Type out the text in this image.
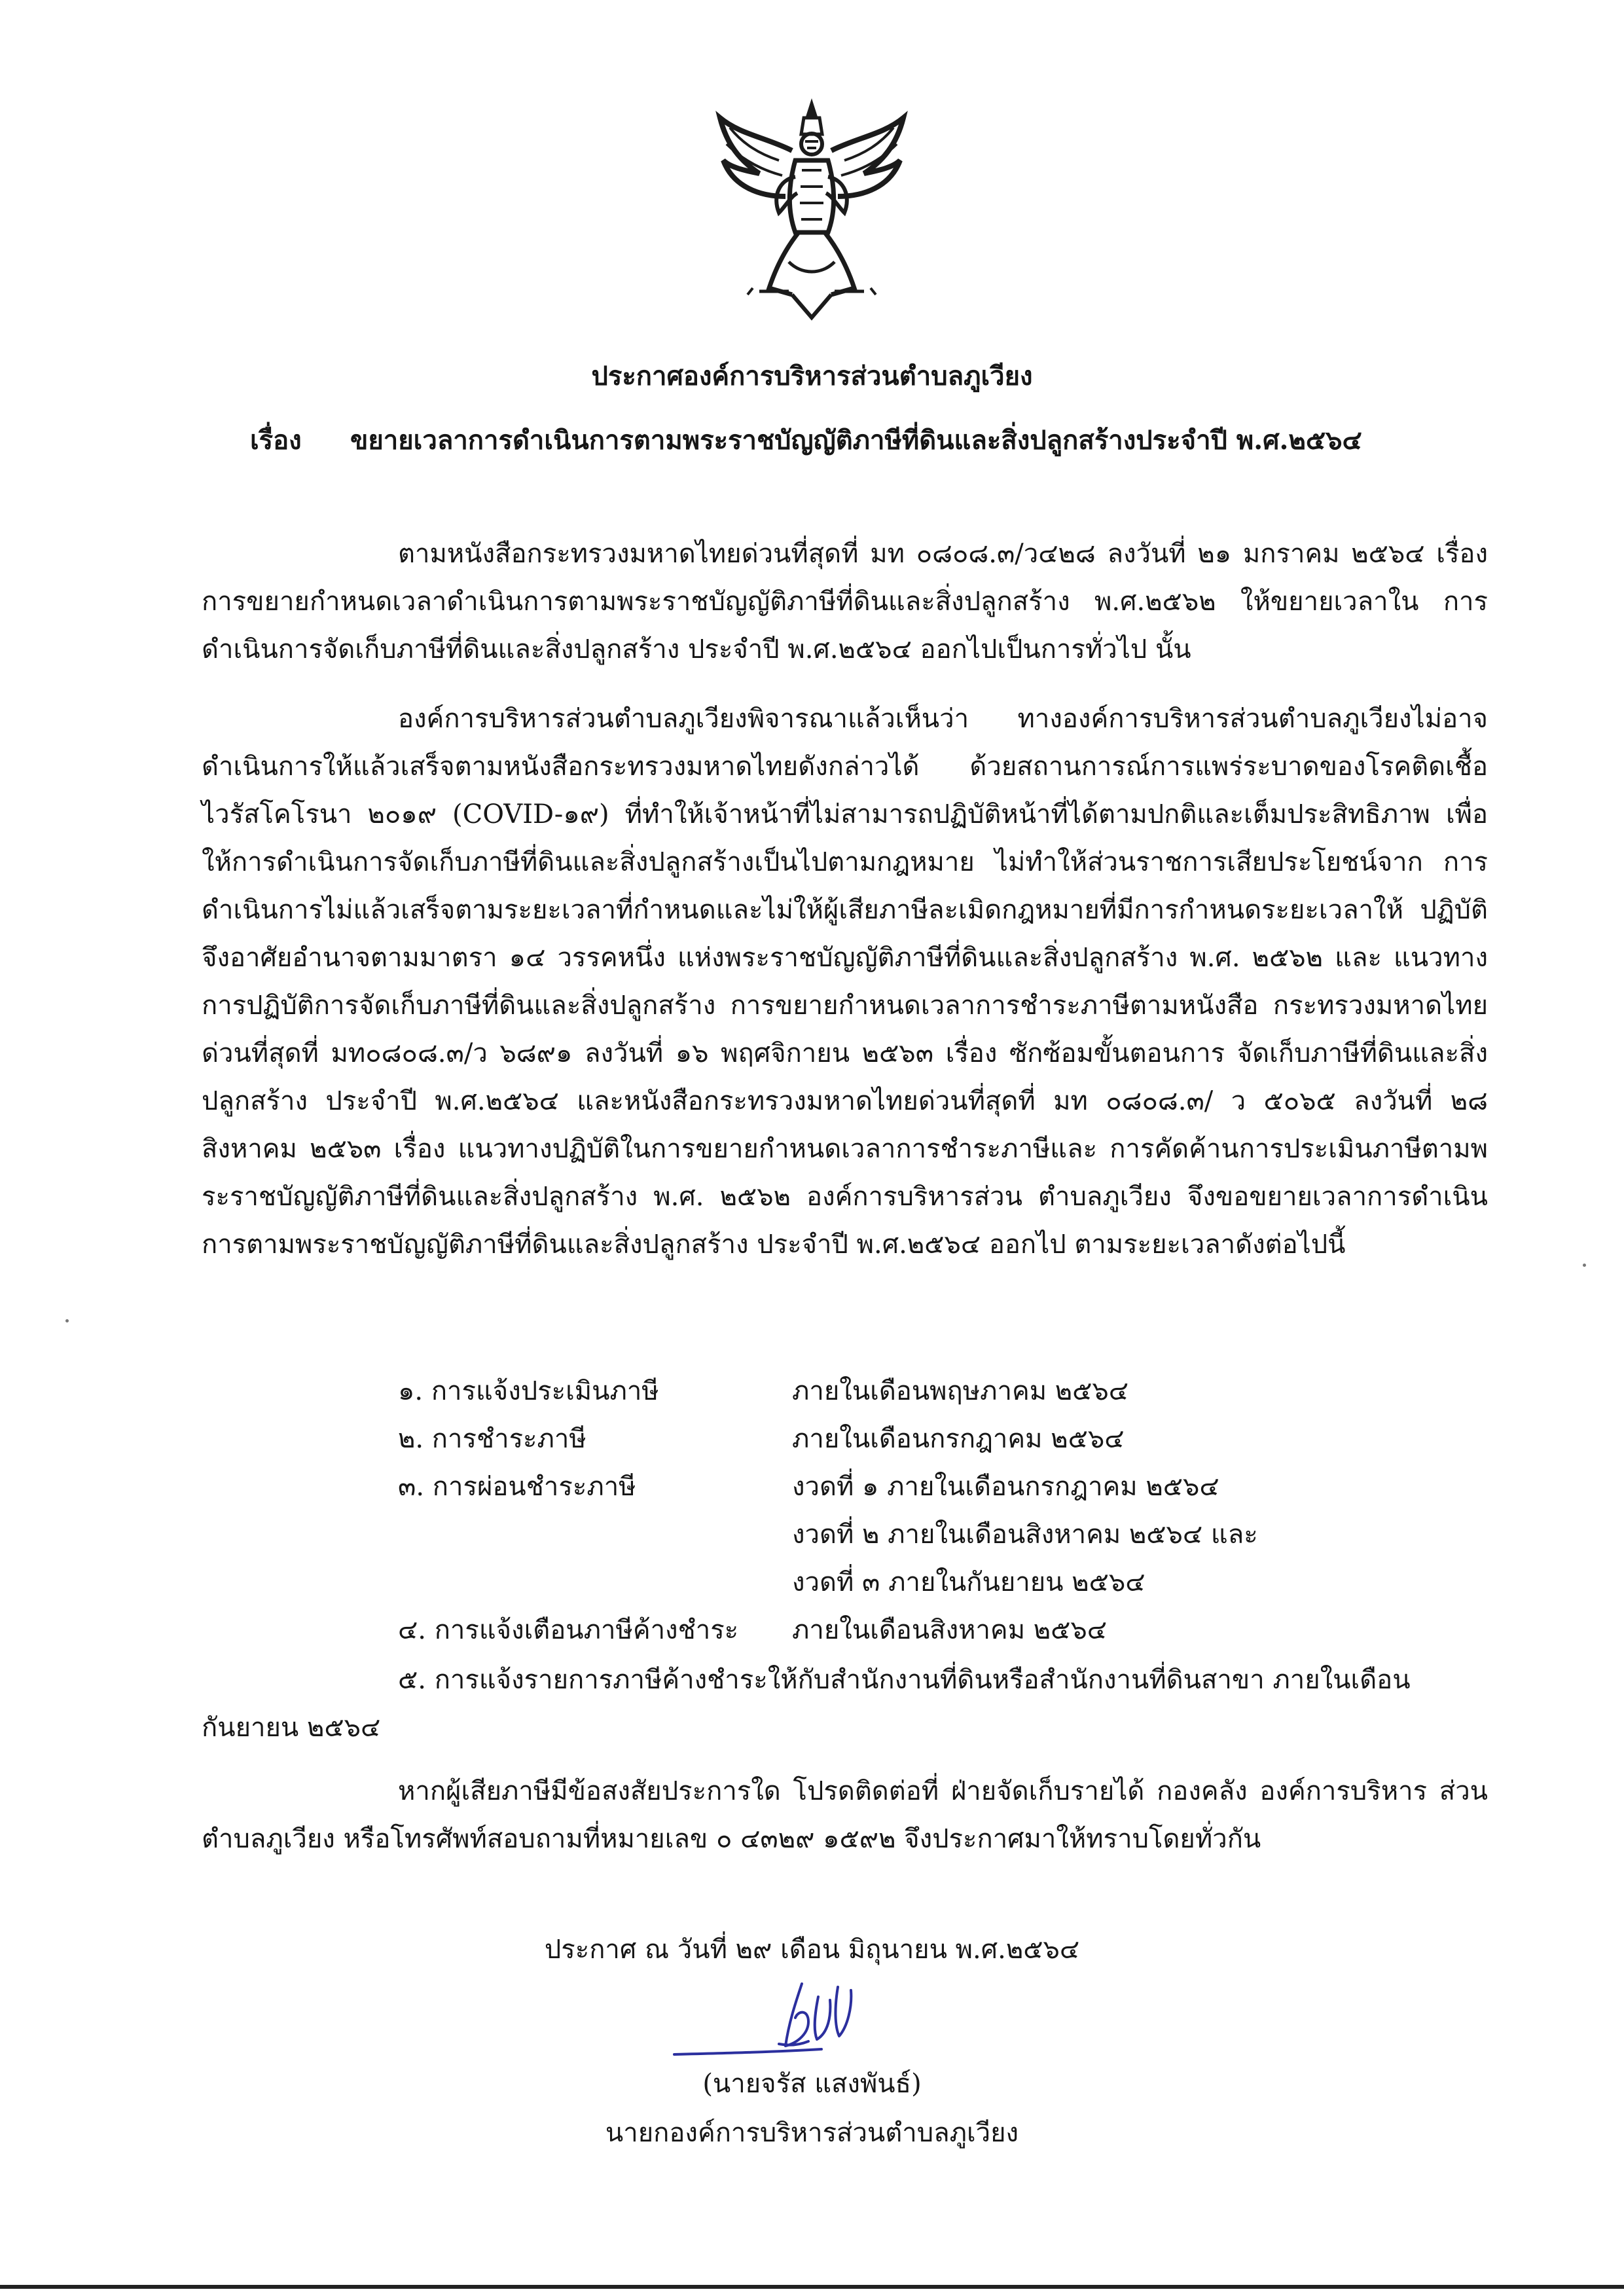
ประกาศองค์การบริหารส่วนตำบลภูเวียง
เรื่อง ขยายเวลาการดำเนินการตามพระราชบัญญัติภาษีที่ดินและสิ่งปลูกสร้างประจำปี พ.ศ.๒๕๖๔
ตามหนังสือกระทรวงมหาดไทยด่วนที่สุดที่ มท ๐๘๐๘.๓/ว๔๒๘ ลงวันที่ ๒๑ มกราคม ๒๕๖๔ เรื่อง การขยายกำหนดเวลาดำเนินการตามพระราชบัญญัติภาษีที่ดินและสิ่งปลูกสร้าง พ.ศ.๒๕๖๒ ให้ขยายเวลาใน การดำเนินการจัดเก็บภาษีที่ดินและสิ่งปลูกสร้าง ประจำปี พ.ศ.๒๕๖๔ ออกไปเป็นการทั่วไป นั้น
องค์การบริหารส่วนตำบลภูเวียงพิจารณาแล้วเห็นว่า ทางองค์การบริหารส่วนตำบลภูเวียงไม่อาจ ดำเนินการให้แล้วเสร็จตามหนังสือกระทรวงมหาดไทยดังกล่าวได้ ด้วยสถานการณ์การแพร่ระบาดของโรคติดเชื้อ ไวรัสโคโรนา ๒๐๑๙ (COVID-๑๙) ที่ทำให้เจ้าหน้าที่ไม่สามารถปฏิบัติหน้าที่ได้ตามปกติและเต็มประสิทธิภาพ เพื่อให้การดำเนินการจัดเก็บภาษีที่ดินและสิ่งปลูกสร้างเป็นไปตามกฎหมาย ไม่ทำให้ส่วนราชการเสียประโยชน์จาก การดำเนินการไม่แล้วเสร็จตามระยะเวลาที่กำหนดและไม่ให้ผู้เสียภาษีละเมิดกฎหมายที่มีการกำหนดระยะเวลาให้ ปฏิบัติ จึงอาศัยอำนาจตามมาตรา ๑๔ วรรคหนึ่ง แห่งพระราชบัญญัติภาษีที่ดินและสิ่งปลูกสร้าง พ.ศ. ๒๕๖๒ และ แนวทางการปฏิบัติการจัดเก็บภาษีที่ดินและสิ่งปลูกสร้าง การขยายกำหนดเวลาการชำระภาษีตามหนังสือ กระทรวงมหาดไทยด่วนที่สุดที่ มท๐๘๐๘.๓/ว ๖๘๙๑ ลงวันที่ ๑๖ พฤศจิกายน ๒๕๖๓ เรื่อง ซักซ้อมขั้นตอนการ จัดเก็บภาษีที่ดินและสิ่งปลูกสร้าง ประจำปี พ.ศ.๒๕๖๔ และหนังสือกระทรวงมหาดไทยด่วนที่สุดที่ มท ๐๘๐๘.๓/ ว ๕๐๖๕ ลงวันที่ ๒๘ สิงหาคม ๒๕๖๓ เรื่อง แนวทางปฏิบัติในการขยายกำหนดเวลาการชำระภาษีและ การคัดค้านการประเมินภาษีตามพระราชบัญญัติภาษีที่ดินและสิ่งปลูกสร้าง พ.ศ. ๒๕๖๒ องค์การบริหารส่วน ตำบลภูเวียง จึงขอขยายเวลาการดำเนินการตามพระราชบัญญัติภาษีที่ดินและสิ่งปลูกสร้าง ประจำปี พ.ศ.๒๕๖๔ ออกไป ตามระยะเวลาดังต่อไปนี้
๑. การแจ้งประเมินภาษี	ภายในเดือนพฤษภาคม ๒๕๖๔
๒. การชำระภาษี	ภายในเดือนกรกฎาคม ๒๕๖๔
๓. การผ่อนชำระภาษี	งวดที่ ๑ ภายในเดือนกรกฎาคม ๒๕๖๔
งวดที่ ๒ ภายในเดือนสิงหาคม ๒๕๖๔ และ
งวดที่ ๓ ภายในกันยายน ๒๕๖๔
๔. การแจ้งเตือนภาษีค้างชำระ ภายในเดือนสิงหาคม ๒๕๖๔
๕. การแจ้งรายการภาษีค้างชำระให้กับสำนักงานที่ดินหรือสำนักงานที่ดินสาขา ภายในเดือนกันยายน ๒๕๖๔
หากผู้เสียภาษีมีข้อสงสัยประการใด โปรดติดต่อที่ ฝ่ายจัดเก็บรายได้ กองคลัง องค์การบริหาร ส่วนตำบลภูเวียง หรือโทรศัพท์สอบถามที่หมายเลข ๐ ๔๓๒๙ ๑๕๙๒ จึงประกาศมาให้ทราบโดยทั่วกัน
ประกาศ ณ วันที่ ๒๙ เดือน มิถุนายน พ.ศ.๒๕๖๔
(นายจรัส แสงพันธ์)
นายกองค์การบริหารส่วนตำบลภูเวียง
